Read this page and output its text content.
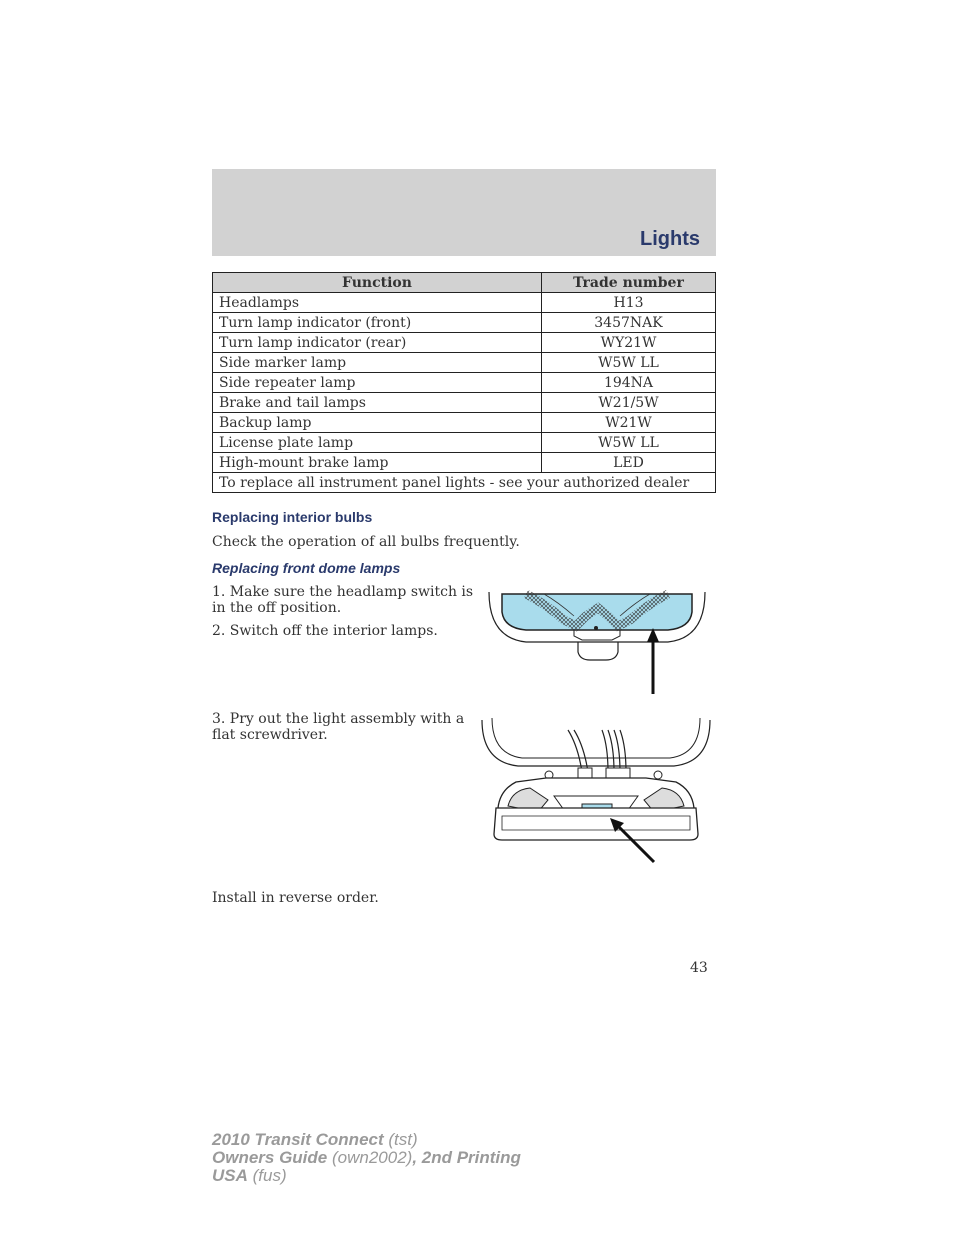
Lights
Function	Trade number
Headlamps	H13
Turn lamp indicator (front)	3457NAK
Turn lamp indicator (rear)	WY21W
Side marker lamp	W5W LL
Side repeater lamp	194NA
Brake and tail lamps	W21/5W
Backup lamp	W21W
License plate lamp	W5W LL
High-mount brake lamp	LED
To replace all instrument panel lights - see your authorized dealer	
Replacing interior bulbs
Check the operation of all bulbs frequently.
Replacing front dome lamps
1. Make sure the headlamp switch is
in the off position.
2. Switch off the interior lamps.
3. Pry out the light assembly with a
flat screwdriver.
Install in reverse order.
43
2010 Transit Connect (tst)
Owners Guide (own2002), 2nd Printing
USA (fus)
